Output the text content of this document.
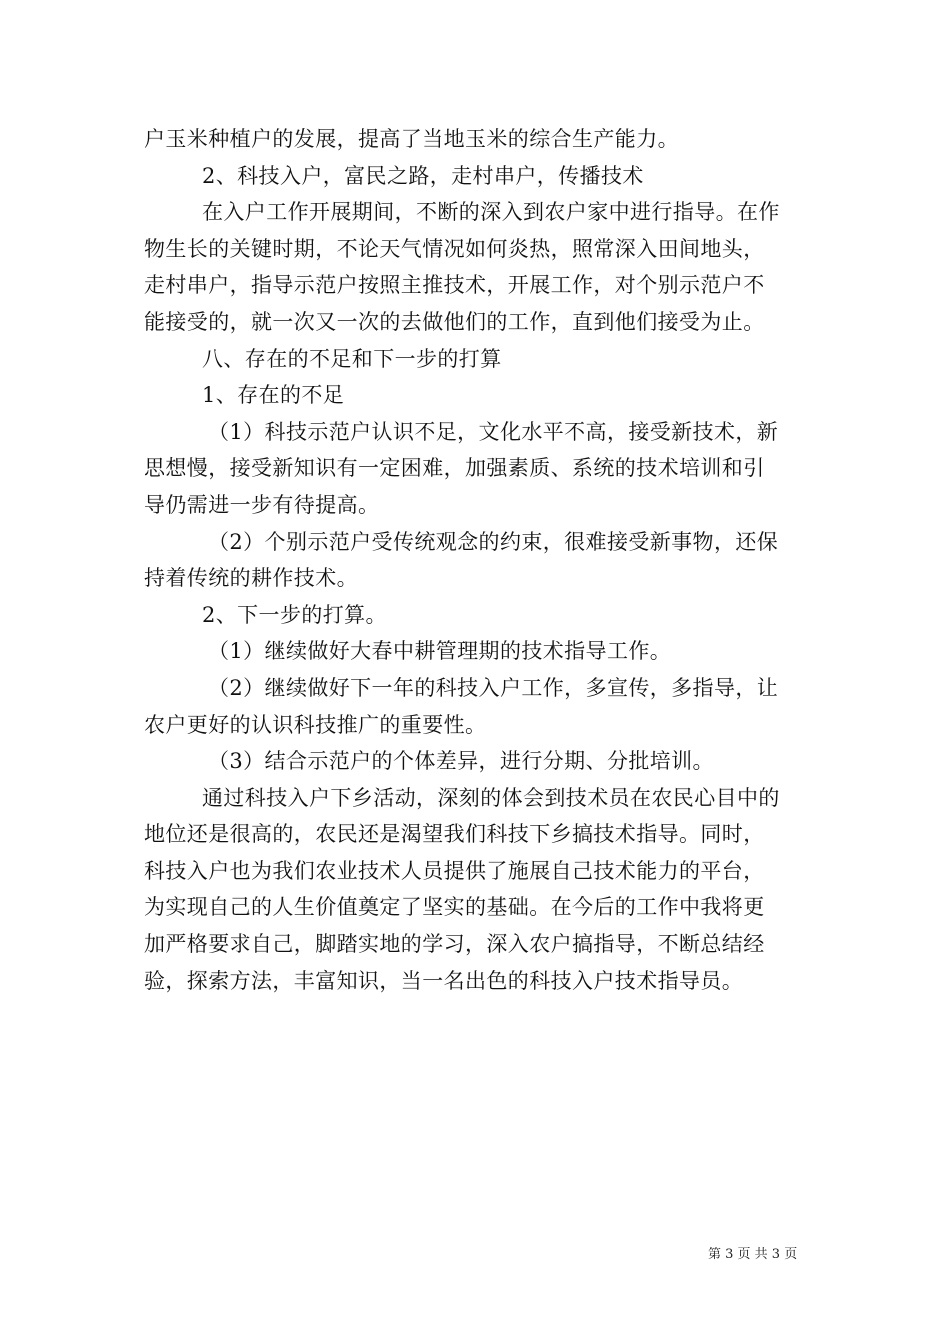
户玉米种植户的发展，提高了当地玉米的综合生产能力。

2、科技入户，富民之路，走村串户，传播技术

在入户工作开展期间，不断的深入到农户家中进行指导。在作

物生长的关键时期，不论天气情况如何炎热，照常深入田间地头，

走村串户，指导示范户按照主推技术，开展工作，对个别示范户不

能接受的，就一次又一次的去做他们的工作，直到他们接受为止。

八、存在的不足和下一步的打算

1、存在的不足

（1）科技示范户认识不足，文化水平不高，接受新技术，新

思想慢，接受新知识有一定困难，加强素质、系统的技术培训和引

导仍需进一步有待提高。

（2）个别示范户受传统观念的约束，很难接受新事物，还保

持着传统的耕作技术。

2、下一步的打算。

（1）继续做好大春中耕管理期的技术指导工作。

（2）继续做好下一年的科技入户工作，多宣传，多指导，让

农户更好的认识科技推广的重要性。

（3）结合示范户的个体差异，进行分期、分批培训。

通过科技入户下乡活动，深刻的体会到技术员在农民心目中的

地位还是很高的，农民还是渴望我们科技下乡搞技术指导。同时，

科技入户也为我们农业技术人员提供了施展自己技术能力的平台，

为实现自己的人生价值奠定了坚实的基础。在今后的工作中我将更

加严格要求自己，脚踏实地的学习，深入农户搞指导，不断总结经

验，探索方法，丰富知识，当一名出色的科技入户技术指导员。

第 3 页 共 3 页
